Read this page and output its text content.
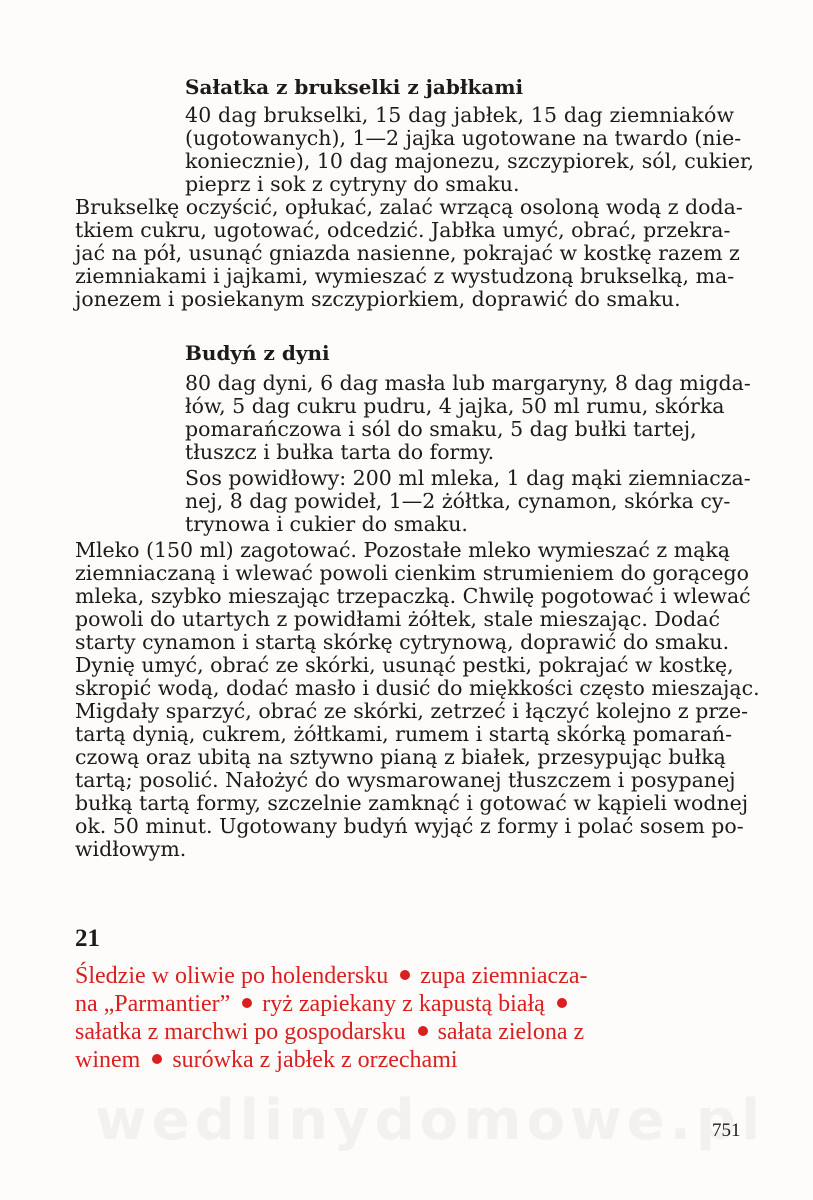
Sałatka z brukselki z jabłkami
40 dag brukselki, 15 dag jabłek, 15 dag ziemniaków
(ugotowanych), 1—2 jajka ugotowane na twardo (nie-
koniecznie), 10 dag majonezu, szczypiorek, sól, cukier,
pieprz i sok z cytryny do smaku.
Brukselkę oczyścić, opłukać, zalać wrzącą osoloną wodą z doda-
tkiem cukru, ugotować, odcedzić. Jabłka umyć, obrać, przekra-
jać na pół, usunąć gniazda nasienne, pokrajać w kostkę razem z
ziemniakami i jajkami, wymieszać z wystudzoną brukselką, ma-
jonezem i posiekanym szczypiorkiem, doprawić do smaku.
Budyń z dyni
80 dag dyni, 6 dag masła lub margaryny, 8 dag migda-
łów, 5 dag cukru pudru, 4 jajka, 50 ml rumu, skórka
pomarańczowa i sól do smaku, 5 dag bułki tartej,
tłuszcz i bułka tarta do formy.
Sos powidłowy: 200 ml mleka, 1 dag mąki ziemniacza-
nej, 8 dag powideł, 1—2 żółtka, cynamon, skórka cy-
trynowa i cukier do smaku.
Mleko (150 ml) zagotować. Pozostałe mleko wymieszać z mąką
ziemniaczaną i wlewać powoli cienkim strumieniem do gorącego
mleka, szybko mieszając trzepaczką. Chwilę pogotować i wlewać
powoli do utartych z powidłami żółtek, stale mieszając. Dodać
starty cynamon i startą skórkę cytrynową, doprawić do smaku.
Dynię umyć, obrać ze skórki, usunąć pestki, pokrajać w kostkę,
skropić wodą, dodać masło i dusić do miękkości często mieszając.
Migdały sparzyć, obrać ze skórki, zetrzeć i łączyć kolejno z prze-
tartą dynią, cukrem, żółtkami, rumem i startą skórką pomarań-
czową oraz ubitą na sztywno pianą z białek, przesypując bułką
tartą; posolić. Nałożyć do wysmarowanej tłuszczem i posypanej
bułką tartą formy, szczelnie zamknąć i gotować w kąpieli wodnej
ok. 50 minut. Ugotowany budyń wyjąć z formy i polać sosem po-
widłowym.
21
Śledzie w oliwie po holendersku zupa ziemniacza-
na „Parmantier” ryż zapiekany z kapustą białą
sałatka z marchwi po gospodarsku sałata zielona z
winem surówka z jabłek z orzechami
751
